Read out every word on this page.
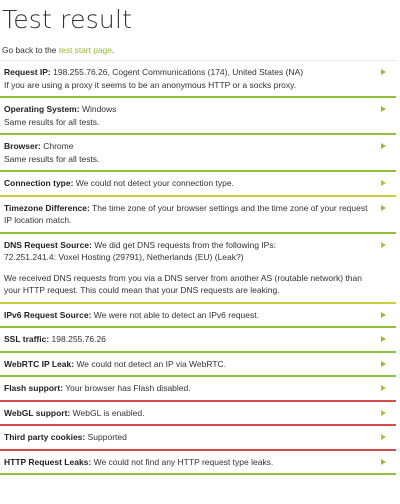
Test result
Go back to the test start page.
Request IP: 198.255.76.26, Cogent Communications (174), United States (NA)
If you are using a proxy it seems to be an anonymous HTTP or a socks proxy.
Operating System: Windows
Same results for all tests.
Browser: Chrome
Same results for all tests.
Connection type: We could not detect your connection type.
Timezone Difference: The time zone of your browser settings and the time zone of your request IP location match.
DNS Request Source: We did get DNS requests from the following IPs:
72.251.241.4: Voxel Hosting (29791), Netherlands (EU) (Leak?)
We received DNS requests from you via a DNS server from another AS (routable network) than your HTTP request. This could mean that your DNS requests are leaking.
IPv6 Request Source: We were not able to detect an IPv6 request.
SSL traffic: 198.255.76.26
WebRTC IP Leak: We could not detect an IP via WebRTC.
Flash support: Your browser has Flash disabled.
WebGL support: WebGL is enabled.
Third party cookies: Supported
HTTP Request Leaks: We could not find any HTTP request type leaks.
